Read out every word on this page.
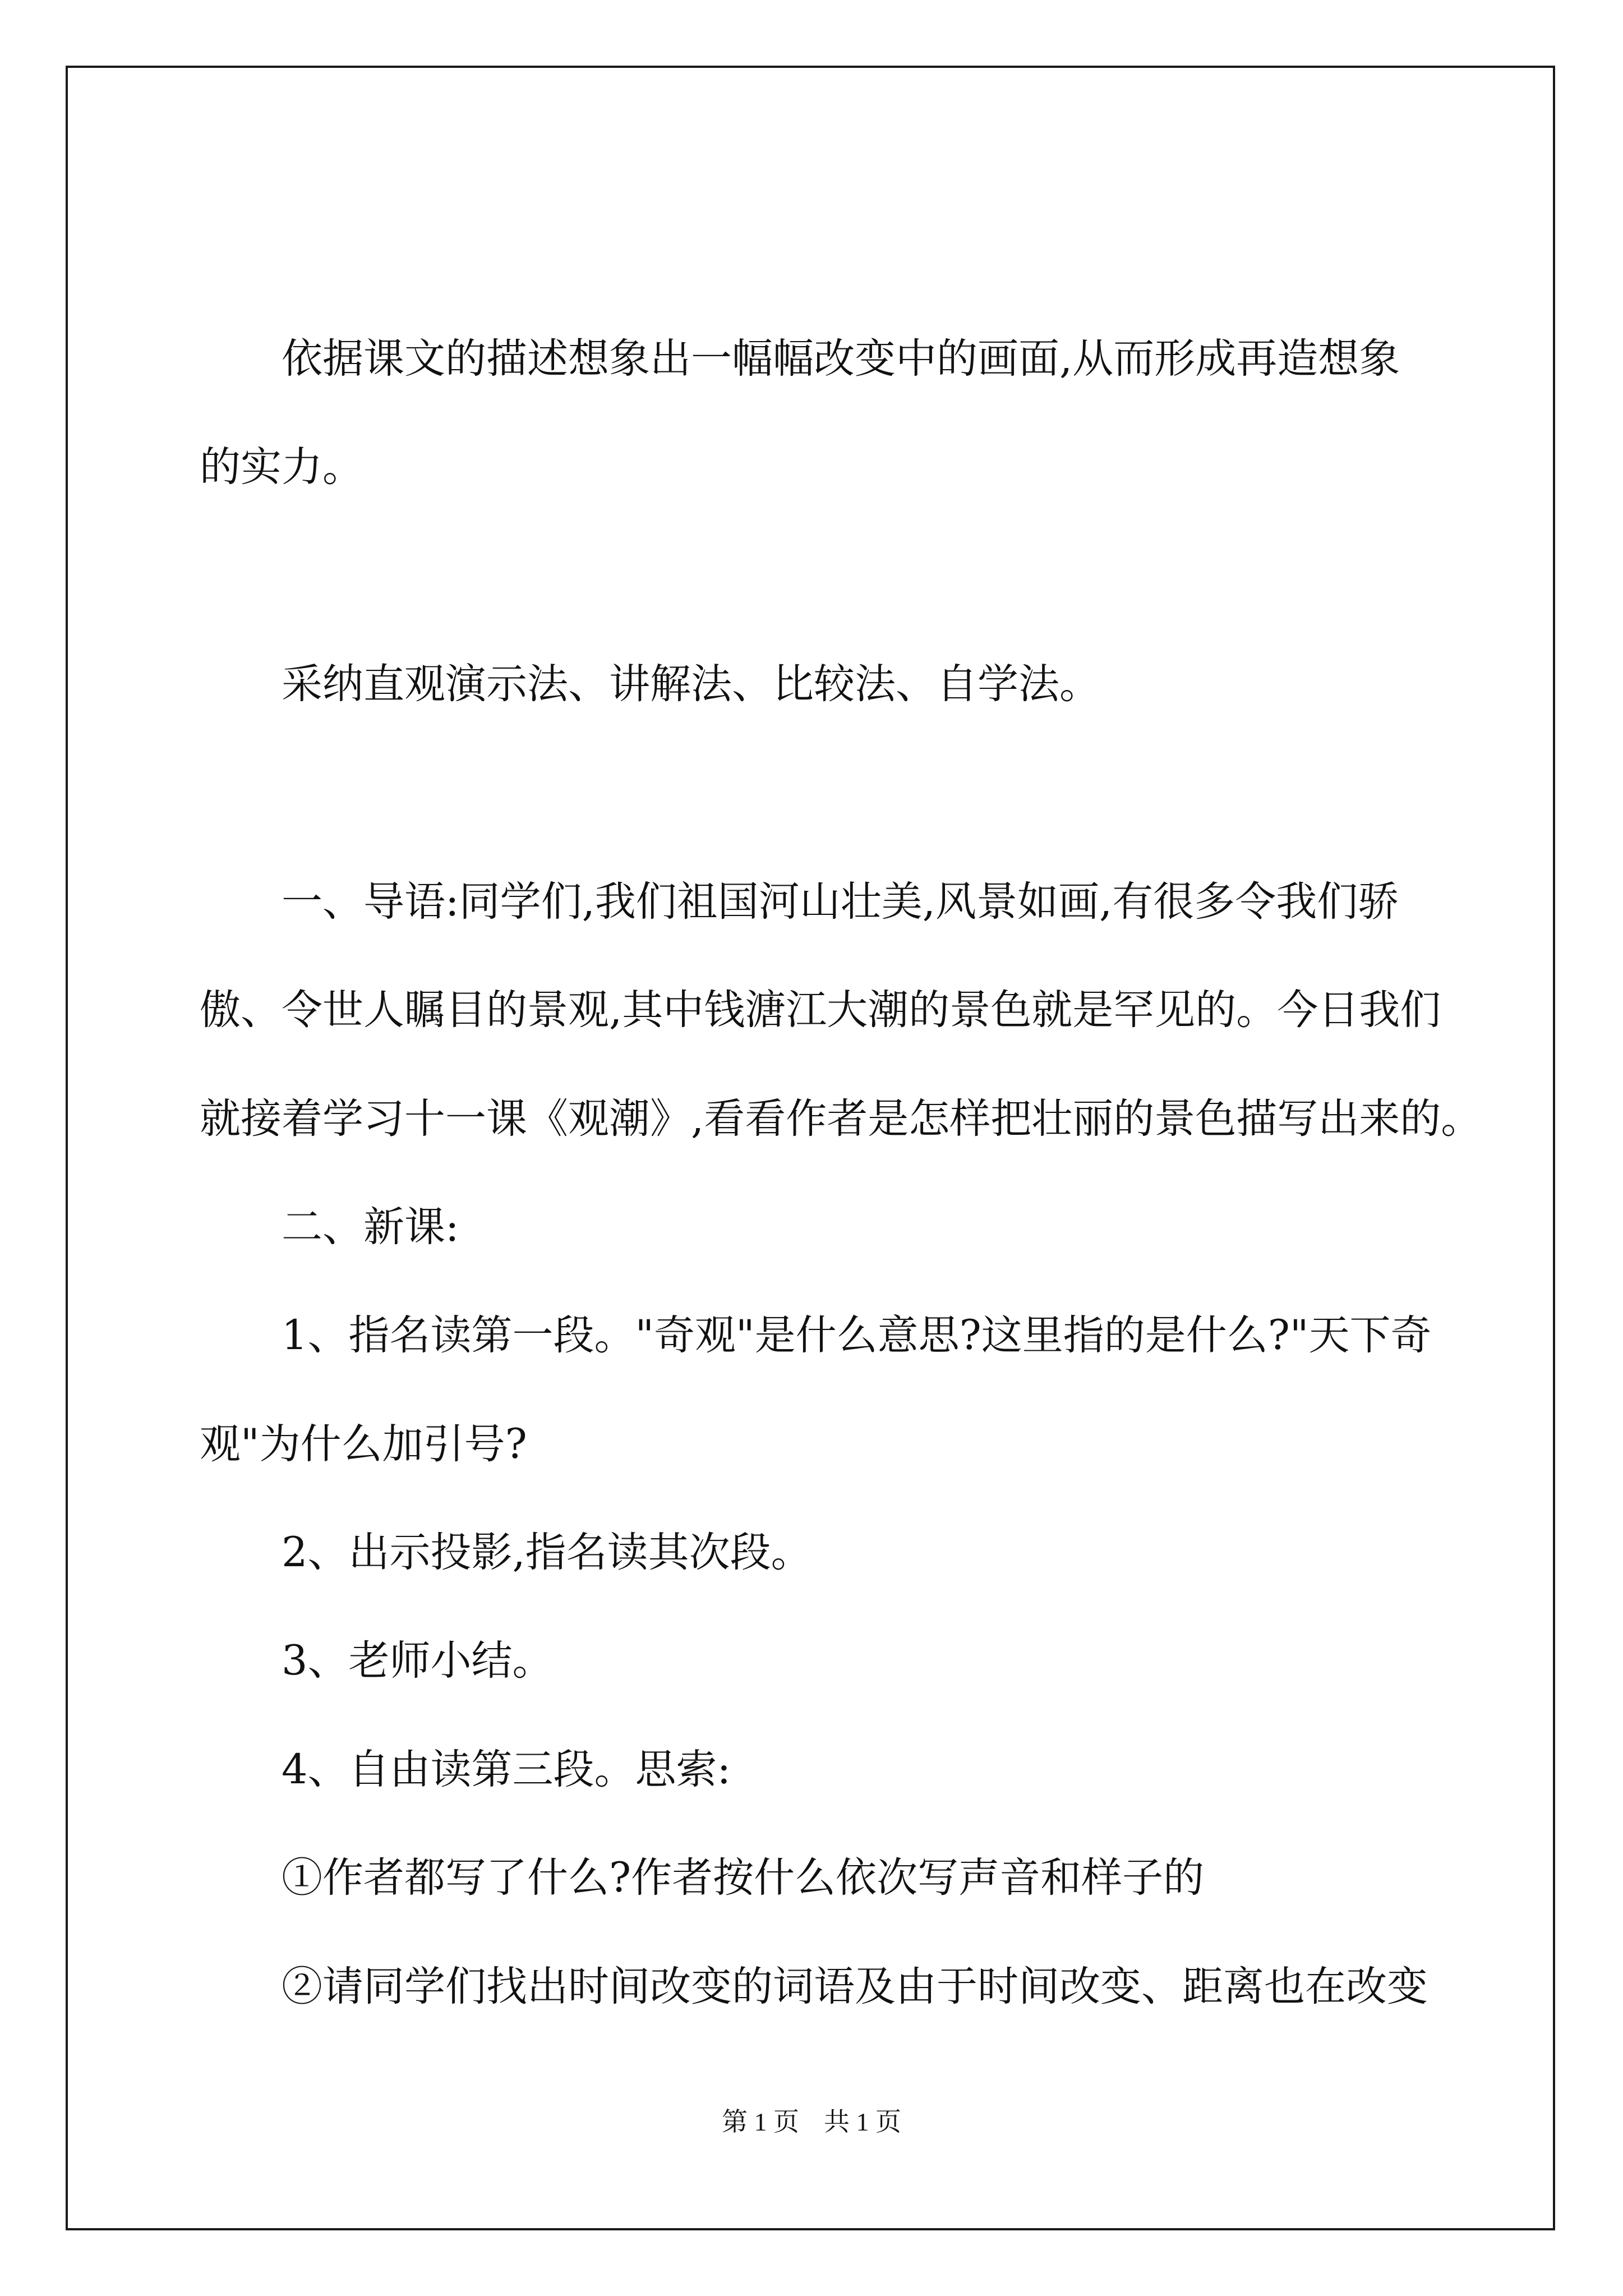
依据课文的描述想象出一幅幅改变中的画面,从而形成再造想象
的实力。
采纳直观演示法、讲解法、比较法、自学法。
一、导语:同学们,我们祖国河山壮美,风景如画,有很多令我们骄
傲、令世人瞩目的景观,其中钱溏江大潮的景色就是罕见的。今日我们
就接着学习十一课《观潮》,看看作者是怎样把壮丽的景色描写出来的。
二、新课:
1、指名读第一段。"奇观"是什么意思?这里指的是什么?"天下奇
观"为什么加引号?
2、出示投影,指名读其次段。
3、老师小结。
4、自由读第三段。思索:
①作者都写了什么?作者按什么依次写声音和样子的
②请同学们找出时间改变的词语及由于时间改变、距离也在改变
第 1 页 共 1 页
